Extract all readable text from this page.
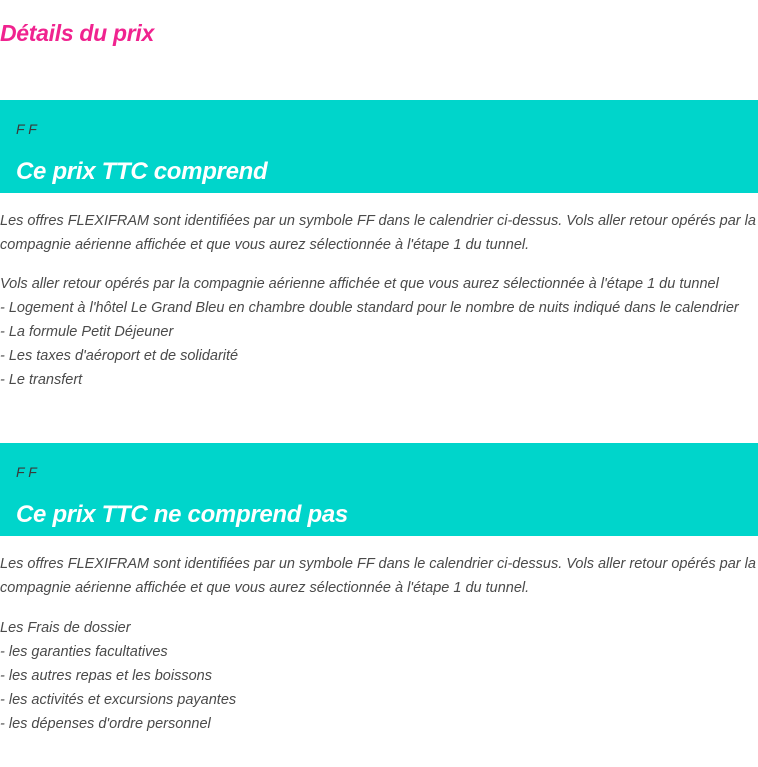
Détails du prix
F F
Ce prix TTC comprend

Les offres FLEXIFRAM sont identifiées par un symbole FF dans le calendrier ci-dessus. Vols aller retour opérés par la
compagnie aérienne affichée et que vous aurez sélectionnée à l'étape 1 du tunnel.

Vols aller retour opérés par la compagnie aérienne affichée et que vous aurez sélectionnée à l'étape 1 du tunnel
- Logement à l'hôtel Le Grand Bleu en chambre double standard pour le nombre de nuits indiqué dans le calendrier
- La formule Petit Déjeuner
- Les taxes d'aéroport et de solidarité
- Le transfert

F F
Ce prix TTC ne comprend pas

Les offres FLEXIFRAM sont identifiées par un symbole FF dans le calendrier ci-dessus. Vols aller retour opérés par la
compagnie aérienne affichée et que vous aurez sélectionnée à l'étape 1 du tunnel.

Les Frais de dossier
- les garanties facultatives
- les autres repas et les boissons
- les activités et excursions payantes
- les dépenses d'ordre personnel
